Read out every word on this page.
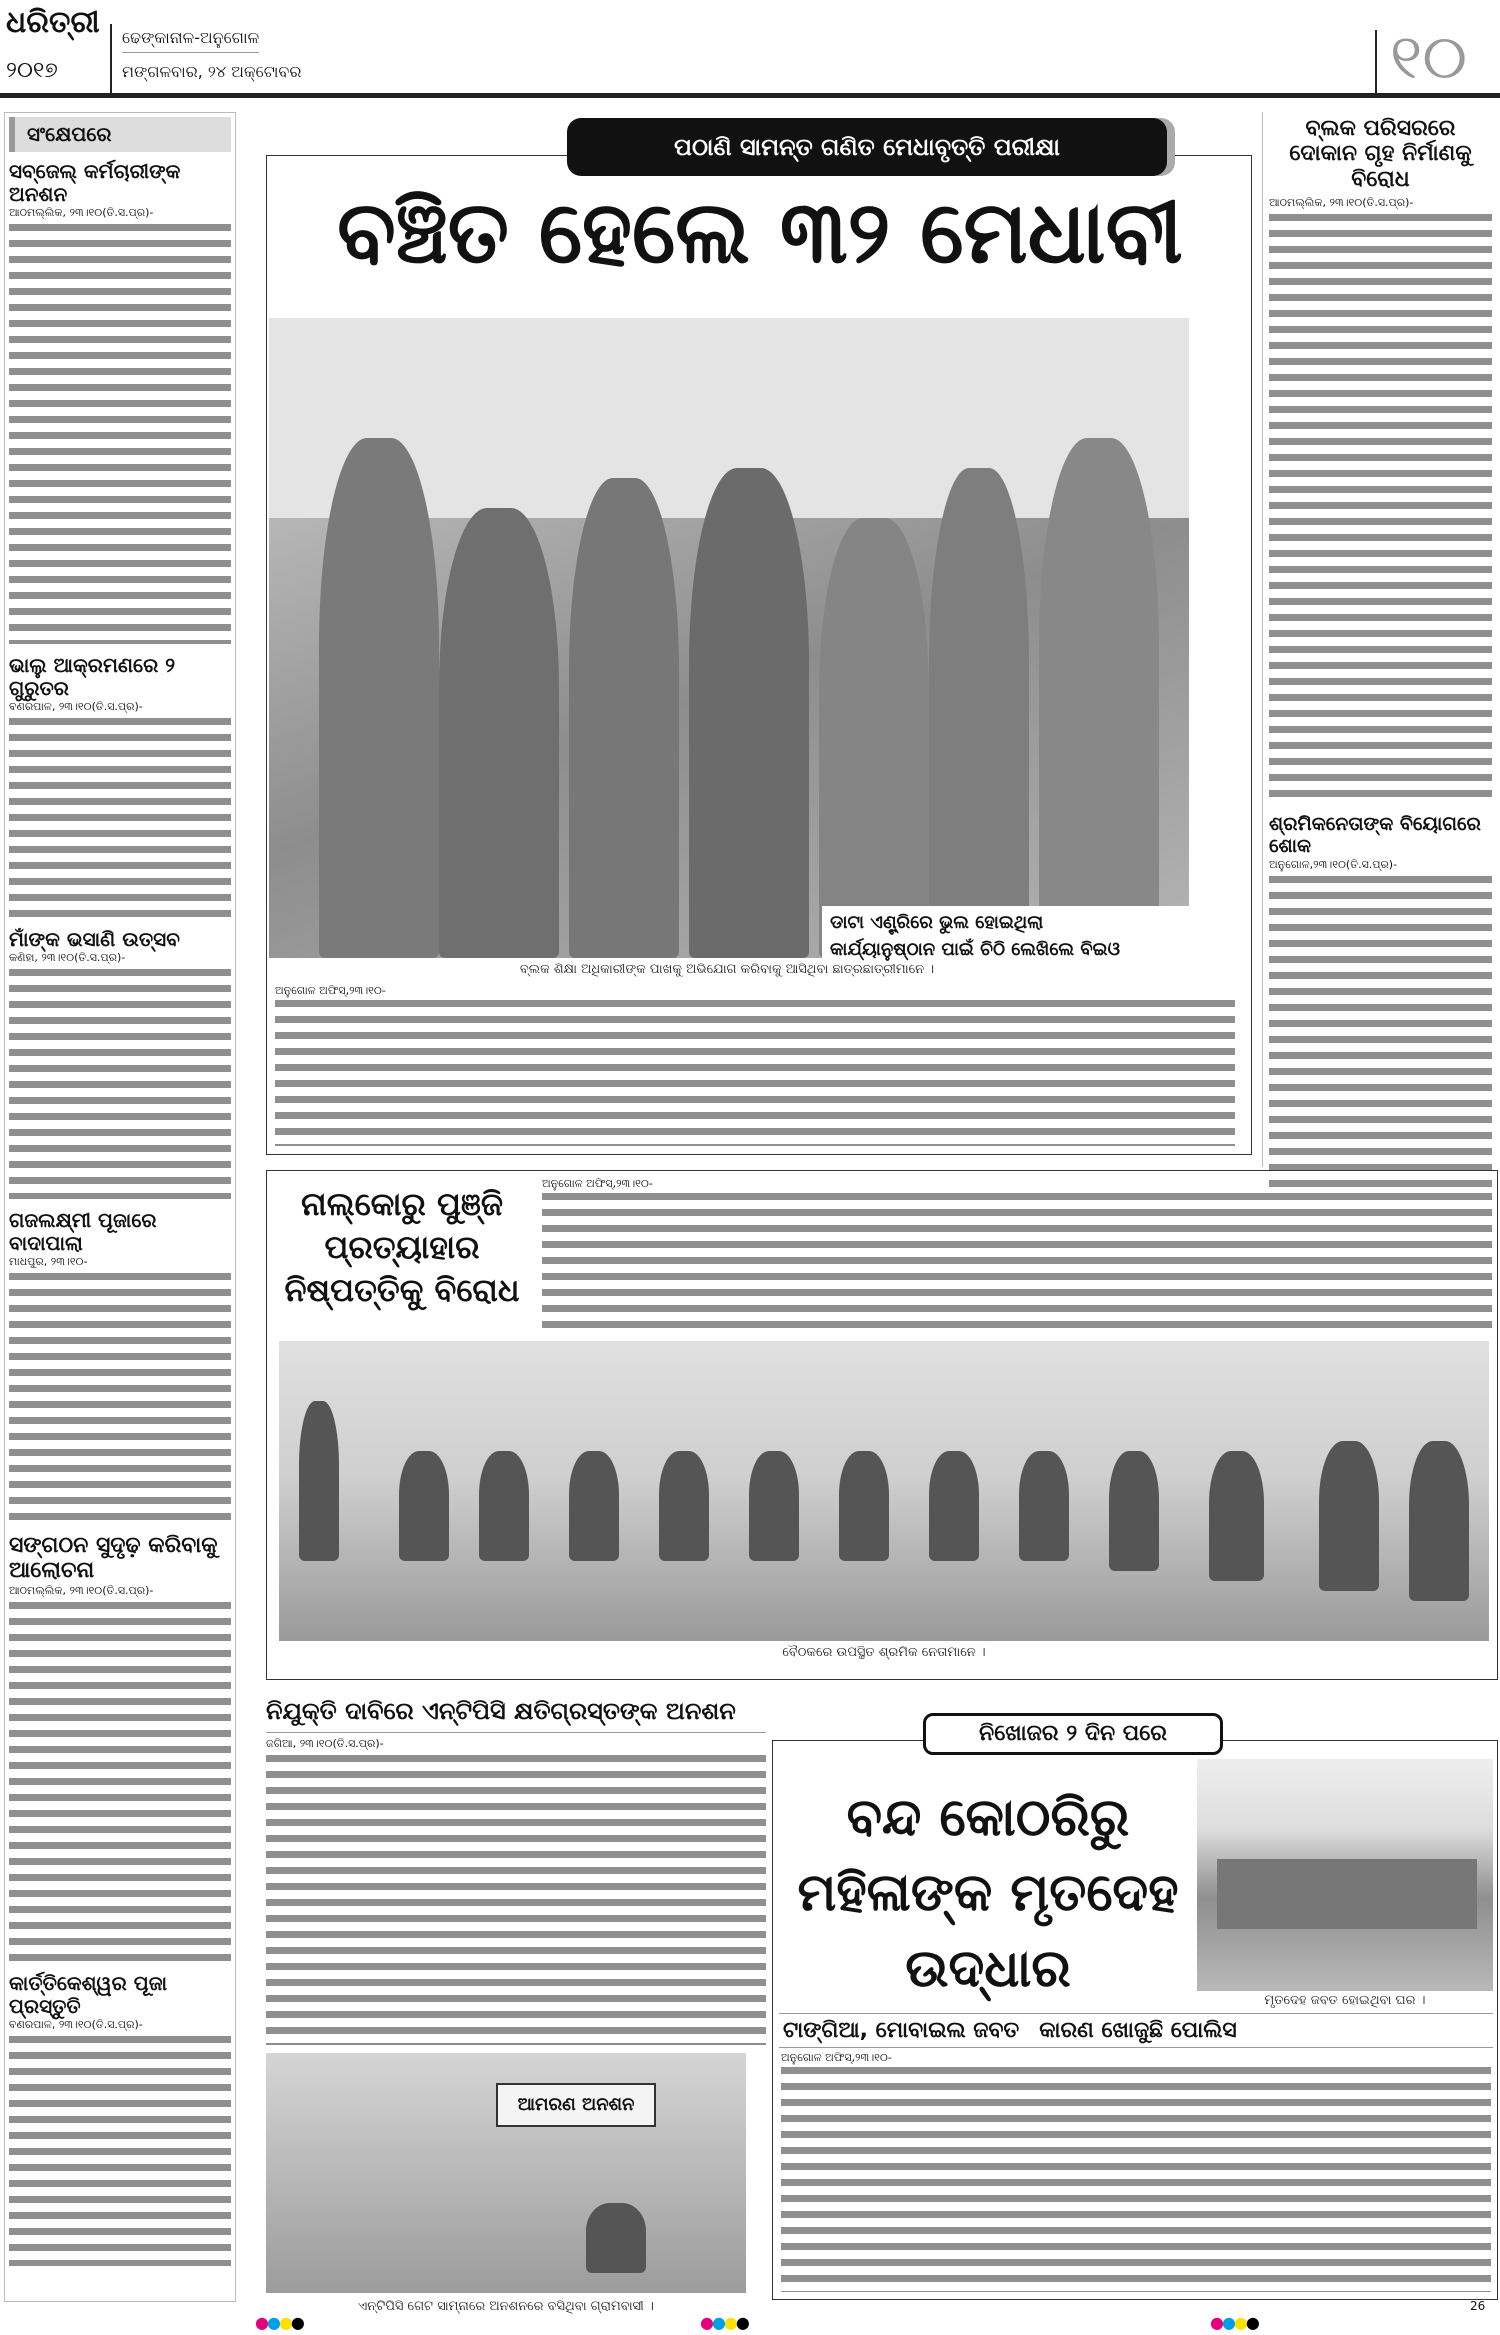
ଧରିତ୍ରୀ
୨୦୧୭
ଢେଙ୍କାନାଳ-ଅନୁଗୋଳ
ମଙ୍ଗଳବାର, ୨୪ ଅକ୍ଟୋବର	୧୦
ସଂକ୍ଷେପରେ
ସବ୍‌ଜେଲ୍ କର୍ମଚାରୀଙ୍କ ଅନଶନ
ଆଠମଲ୍ଲିକ, ୨୩।୧୦(ତି.ସ.ପ୍ର)-
ଭାଲୁ ଆକ୍ରମଣରେ ୨ ଗୁରୁତର
ବଣରପାଳ, ୨୩।୧୦(ତି.ସ.ପ୍ର)-
ମାଁଙ୍କ ଭସାଣି ଉତ୍ସବ
କଣିହା, ୨୩।୧୦(ତି.ସ.ପ୍ର)-
ଗଜଲକ୍ଷ୍ମୀ ପୂଜାରେ ବାଦାପାଲା
ମାଧପୁର, ୨୩।୧୦-
ସଙ୍ଗଠନ ସୁଦୃଢ଼ କରିବାକୁ ଆଲୋଚନା
ଆଠମଲ୍ଲିକ, ୨୩।୧୦(ତି.ସ.ପ୍ର)-
କାର୍ତ୍ତିକେଶ୍ୱର ପୂଜା ପ୍ରସ୍ତୁତି
ବଣରପାଳ, ୨୩।୧୦(ତି.ସ.ପ୍ର)-
ପଠାଣି ସାମନ୍ତ ଗଣିତ ମେଧାବୃତ୍ତି ପରୀକ୍ଷା
ବଞ୍ଚିତ ହେଲେ ୩୨ ମେଧାବୀ
ଡାଟା ଏଣ୍ଟ୍ରିରେ ଭୁଲ ହୋଇଥିଲା
କାର୍ଯ୍ୟାନୁଷ୍ଠାନ ପାଇଁ ଚିଠି ଲେଖିଲେ ବିଇଓ
ବ୍ଲକ ଶିକ୍ଷା ଅଧିକାରୀଙ୍କ ପାଖକୁ ଅଭିଯୋଗ କରିବାକୁ ଆସିଥିବା ଛାତ୍ରଛାତ୍ରୀମାନେ ।
ଅନୁଗୋଳ ଅଫିସ୍,୨୩।୧୦-
ବ୍ଲକ ପରିସରରେ ଦୋକାନ ଗୃହ ନିର୍ମାଣକୁ ବିରୋଧ
ଆଠମଲ୍ଲିକ, ୨୩।୧୦(ତି.ସ.ପ୍ର)-
ଶ୍ରମିକନେତାଙ୍କ ବିୟୋଗରେ ଶୋକ
ଅନୁଗୋଳ,୨୩।୧୦(ତି.ସ.ପ୍ର)-
ନାଲ୍‌କୋରୁ ପୁଞ୍ଜି ପ୍ରତ୍ୟାହାର ନିଷ୍ପତ୍ତିକୁ ବିରୋଧ
ଅନୁଗୋଳ ଅଫିସ୍,୨୩।୧୦-
ବୈଠକରେ ଉପସ୍ଥିତ ଶ୍ରମିକ ନେତାମାନେ ।
ନିଯୁକ୍ତି ଦାବିରେ ଏନ୍‌ଟିପିସି କ୍ଷତିଗ୍ରସ୍ତଙ୍କ ଅନଶନ
ଜଗିଆ, ୨୩।୧୦(ତି.ସ.ପ୍ର)-
ଆମରଣ ଅନଶନ
ଏନ୍‌ଟିପିସି ଗେଟ ସାମ୍ନାରେ ଅନଶନରେ ବସିଥିବା ଗ୍ରାମବାସୀ ।
ନିଖୋଜର ୨ ଦିନ ପରେ
ବନ୍ଦ କୋଠରିରୁ ମହିଳାଙ୍କ ମୃତଦେହ ଉଦ୍ଧାର
ମୃତଦେହ ଜବତ ହୋଇଥିବା ଘର ।
ଟାଙ୍ଗିଆ, ମୋବାଇଲ ଜବତ କାରଣ ଖୋଜୁଛି ପୋଲିସ
ଅନୁଗୋଳ ଅଫିସ୍,୨୩।୧୦-
26
●●●●	●●●●	●●●●
